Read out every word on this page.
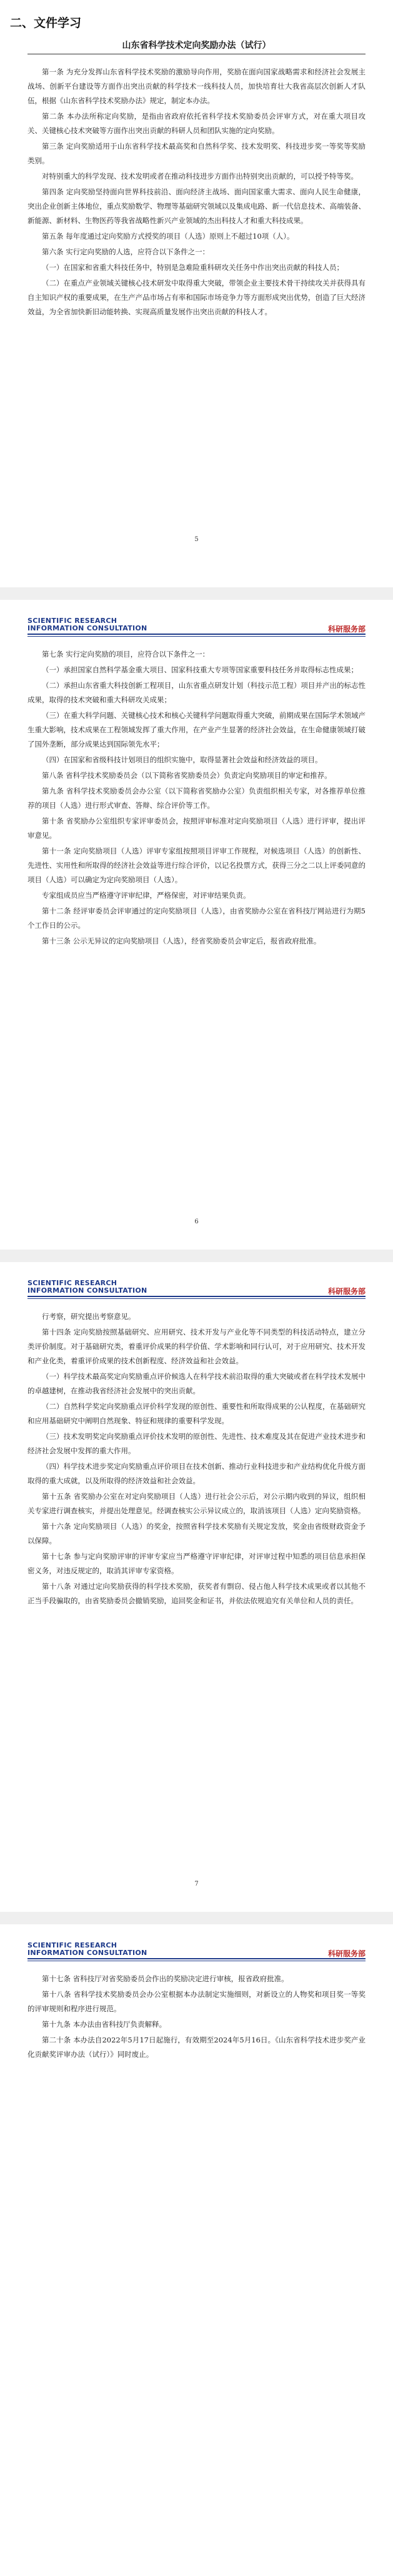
二、文件学习
山东省科学技术定向奖励办法（试行）

第一条 为充分发挥山东省科学技术奖励的激励导向作用，奖励在面向国家战略需求和经济社会发展主战场、创新平台建设等方面作出突出贡献的科学技术一线科技人员，加快培育壮大我省高层次创新人才队伍，根据《山东省科学技术奖励办法》规定，制定本办法。

第二条 本办法所称定向奖励，是指由省政府依托省科学技术奖励委员会评审方式，对在重大项目攻关、关键核心技术突破等方面作出突出贡献的科研人员和团队实施的定向奖励。

第三条 定向奖励适用于山东省科学技术最高奖和自然科学奖、技术发明奖、科技进步奖一等奖等奖励类别。

对特别重大的科学发现、技术发明或者在推动科技进步方面作出特别突出贡献的，可以授予特等奖。

第四条 定向奖励坚持面向世界科技前沿、面向经济主战场、面向国家重大需求、面向人民生命健康，突出企业创新主体地位，重点奖励数学、物理等基础研究领域以及集成电路、新一代信息技术、高端装备、新能源、新材料、生物医药等我省战略性新兴产业领域的杰出科技人才和重大科技成果。

第五条 每年度通过定向奖励方式授奖的项目（人选）原则上不超过10项（人）。

第六条 实行定向奖励的人选，应符合以下条件之一：

（一）在国家和省重大科技任务中，特别是急难险重科研攻关任务中作出突出贡献的科技人员；

（二）在重点产业领域关键核心技术研发中取得重大突破，带领企业主要技术骨干持续攻关并获得具有自主知识产权的重要成果，在生产产品市场占有率和国际市场竞争力等方面形成突出优势，创造了巨大经济效益，为全省加快新旧动能转换、实现高质量发展作出突出贡献的科技人才。

5
SCIENTIFIC RESEARCH
INFORMATION CONSULTATION	科研服务部

第七条 实行定向奖励的项目，应符合以下条件之一：

（一）承担国家自然科学基金重大项目、国家科技重大专项等国家重要科技任务并取得标志性成果；

（二）承担山东省重大科技创新工程项目，山东省重点研发计划（科技示范工程）项目并产出的标志性成果，取得的技术突破和重大科研攻关成果；

（三）在重大科学问题、关键核心技术和核心关键科学问题取得重大突破，前期成果在国际学术领域产生重大影响，技术成果在工程领域发挥了重大作用，在产业产生显著的经济社会效益，在生命健康领域打破了国外垄断，部分成果达到国际领先水平；

（四）在国家和省级科技计划项目的组织实施中，取得显著社会效益和经济效益的项目。

第八条 省科学技术奖励委员会（以下简称省奖励委员会）负责定向奖励项目的审定和推荐。

第九条 省科学技术奖励委员会办公室（以下简称省奖励办公室）负责组织相关专家，对各推荐单位推荐的项目（人选）进行形式审查、答辩、综合评价等工作。

第十条 省奖励办公室组织专家评审委员会，按照评审标准对定向奖励项目（人选）进行评审，提出评审意见。

第十一条 定向奖励项目（人选）评审专家组按照项目评审工作规程，对候选项目（人选）的创新性、先进性、实用性和所取得的经济社会效益等进行综合评价，以记名投票方式，获得三分之二以上评委同意的项目（人选）可以确定为定向奖励项目（人选）。

专家组成员应当严格遵守评审纪律，严格保密，对评审结果负责。

第十二条 经评审委员会评审通过的定向奖励项目（人选），由省奖励办公室在省科技厅网站进行为期5个工作日的公示。

第十三条 公示无异议的定向奖励项目（人选），经省奖励委员会审定后，报省政府批准。

6
SCIENTIFIC RESEARCH
INFORMATION CONSULTATION	科研服务部

行考察，研究提出考察意见。

第十四条 定向奖励按照基础研究、应用研究、技术开发与产业化等不同类型的科技活动特点，建立分类评价制度。对于基础研究类，着重评价成果的科学价值、学术影响和同行认可，对于应用研究、技术开发和产业化类，着重评价成果的技术创新程度、经济效益和社会效益。

（一）科学技术最高奖定向奖励重点评价候选人在科学技术前沿取得的重大突破或者在科学技术发展中的卓越建树，在推动我省经济社会发展中的突出贡献。

（二）自然科学奖定向奖励重点评价科学发现的原创性、重要性和所取得成果的公认程度，在基础研究和应用基础研究中阐明自然现象、特征和规律的重要科学发现。

（三）技术发明奖定向奖励重点评价技术发明的原创性、先进性、技术难度及其在促进产业技术进步和经济社会发展中发挥的重大作用。

（四）科学技术进步奖定向奖励重点评价项目在技术创新、推动行业科技进步和产业结构优化升级方面取得的重大成就，以及所取得的经济效益和社会效益。

第十五条 省奖励办公室在对定向奖励项目（人选）进行社会公示后，对公示期内收到的异议，组织相关专家进行调查核实，并提出处理意见。经调查核实公示异议成立的，取消该项目（人选）定向奖励资格。

第十六条 定向奖励项目（人选）的奖金，按照省科学技术奖励有关规定发放，奖金由省级财政资金予以保障。

第十七条 参与定向奖励评审的评审专家应当严格遵守评审纪律，对评审过程中知悉的项目信息承担保密义务，对违反规定的，取消其评审专家资格。

第十八条 对通过定向奖励获得的科学技术奖励，获奖者有剽窃、侵占他人科学技术成果或者以其他不正当手段骗取的，由省奖励委员会撤销奖励，追回奖金和证书，并依法依规追究有关单位和人员的责任。

7
SCIENTIFIC RESEARCH
INFORMATION CONSULTATION	科研服务部

第十七条 省科技厅对省奖励委员会作出的奖励决定进行审核，报省政府批准。

第十八条 省科学技术奖励委员会办公室根据本办法制定实施细则，对新设立的人物奖和项目奖一等奖的评审规则和程序进行规范。

第十九条 本办法由省科技厅负责解释。

第二十条 本办法自2022年5月17日起施行，有效期至2024年5月16日。《山东省科学技术进步奖产业化贡献奖评审办法（试行）》同时废止。
